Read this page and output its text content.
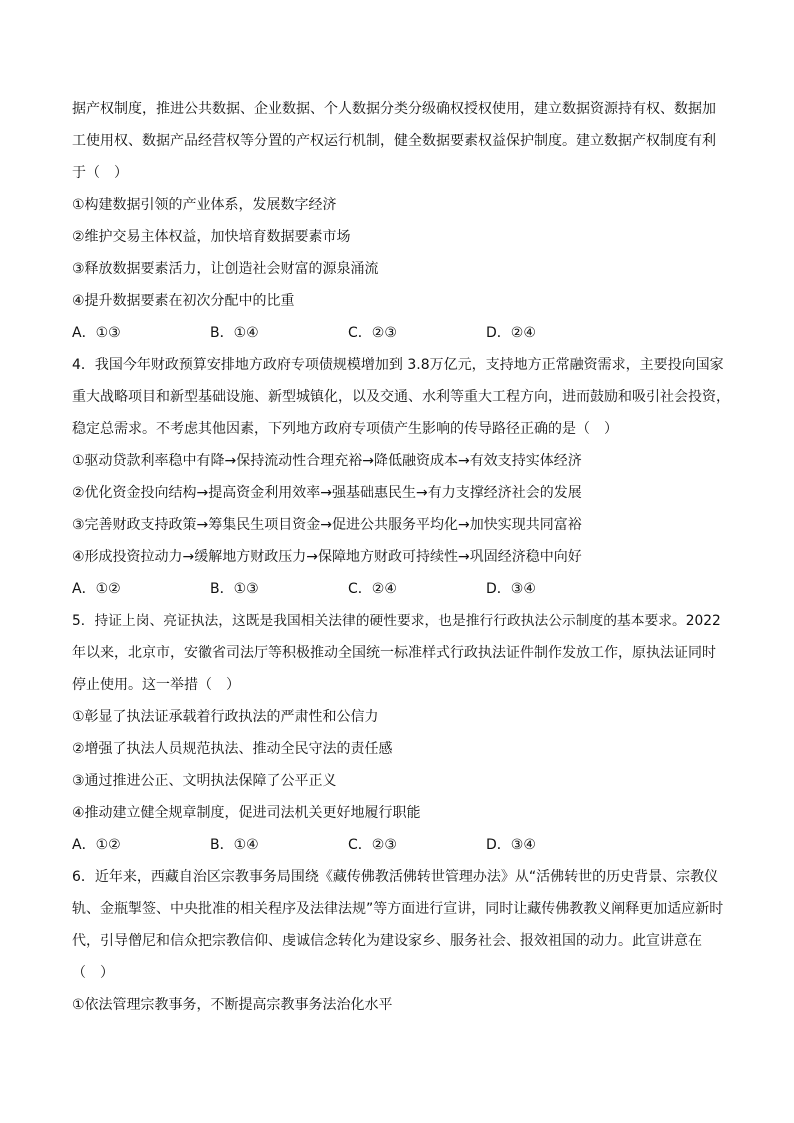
据产权制度，推进公共数据、企业数据、个人数据分类分级确权授权使用，建立数据资源持有权、数据加
工使用权、数据产品经营权等分置的产权运行机制，健全数据要素权益保护制度。建立数据产权制度有利
于（　）
①构建数据引领的产业体系，发展数字经济
②维护交易主体权益，加快培育数据要素市场
③释放数据要素活力，让创造社会财富的源泉涌流
④提升数据要素在初次分配中的比重
A．①③	B．①④	C．②③	D．②④
4．我国今年财政预算安排地方政府专项债规模增加到 3.8万亿元，支持地方正常融资需求，主要投向国家
重大战略项目和新型基础设施、新型城镇化，以及交通、水利等重大工程方向，进而鼓励和吸引社会投资，
稳定总需求。不考虑其他因素，下列地方政府专项债产生影响的传导路径正确的是（　）
①驱动贷款利率稳中有降→保持流动性合理充裕→降低融资成本→有效支持实体经济
②优化资金投向结构→提高资金利用效率→强基础惠民生→有力支撑经济社会的发展
③完善财政支持政策→筹集民生项目资金→促进公共服务平均化→加快实现共同富裕
④形成投资拉动力→缓解地方财政压力→保障地方财政可持续性→巩固经济稳中向好
A．①②	B．①③	C．②④	D．③④
5．持证上岗、亮证执法，这既是我国相关法律的硬性要求，也是推行行政执法公示制度的基本要求。2022
年以来，北京市，安徽省司法厅等积极推动全国统一标准样式行政执法证件制作发放工作，原执法证同时
停止使用。这一举措（　）
①彰显了执法证承载着行政执法的严肃性和公信力
②增强了执法人员规范执法、推动全民守法的责任感
③通过推进公正、文明执法保障了公平正义
④推动建立健全规章制度，促进司法机关更好地履行职能
A．①②	B．①④	C．②③	D．③④
6．近年来，西藏自治区宗教事务局围绕《藏传佛教活佛转世管理办法》从“活佛转世的历史背景、宗教仪
轨、金瓶掣签、中央批准的相关程序及法律法规”等方面进行宣讲，同时让藏传佛教教义阐释更加适应新时
代，引导僧尼和信众把宗教信仰、虔诚信念转化为建设家乡、服务社会、报效祖国的动力。此宣讲意在
（　）
①依法管理宗教事务，不断提高宗教事务法治化水平
